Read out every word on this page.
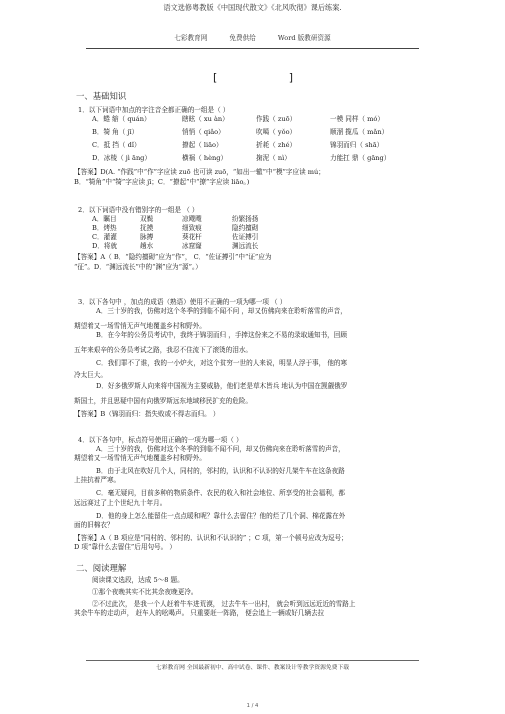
语文选修粤教版《中国现代散文》《北风吹彻》课后练案.
七彩教育网	免费供给	Word 版教研资源
[	]
一、基础知识
1．以下词语中加点的字注音全都正确的一组是（ ）
A．蜷 缩（ quán）	瞎眩（ xu àn）	作践（ zuō）	一模 同样（ mó）
B．犄 角（ jī）	悄悄（ qiǎo）	吹噶（ yǒo）	顺溜 揽瓜（ mǎn）
C．抵 挡（ dǐ）	撩起（ liāo）	折耗（ zhé）	锦羽而归（ shā）
D．冰棱（ jì āng）	横祸（ hèng）	掬泥（ nì）	力能扛 鼎（ gāng）
【答案】D(A. “作践”中“作”字应读 zuō 也可读 zuō，“如出一辙”中“模”字应读 mú；
B．“犄角”中“犄”字应读 jī；C．“撩起”中“撩”字应读 liāo。)
2．以下词语中没有错别字的一组是 （ ）
A．瞩目	双鬓	凉飕飕	纷繁扬扬
B．烤热	抚摸	细致痕	隐约擅砌
C．灌灌	脉搏	葵花杆	佐证搏引
D．将就	趟水	冰窟窿	渊远流长
【答案】A（ B．“隐约擅砌”应为“作”， C．“佐证搏引”中“证”应为
“征”。D．“渊远流长”中的“渊”应为“源”。）
3．以下各句中 ，加点的成语（熟语）使用不正确的一项为哪一项 （ ）
A．三十岁的我，仿佛对这个冬季的到临不闻不问 ，却又仿佛向来在聆听落雪的声音，
期望着又一场雪悄无声气地覆盖乡村和野外。
B．在今年的公务员考试中，我终于锦羽而归 ，手捧这份来之不易的录取通知书，回顾
五年来艰辛的公务员考试之路，我忍不住流下了滚烫的泪水。
C．我们罪不了谁，我的一小炉火，对这个贫穷一世的人来说，明显人浮于事， 他的寒
冷太巨大。
D．好多俄罗斯人向来将中国视为主要威胁，他们老是草木皆兵 地认为中国在觊觎俄罗
斯国土，并且思疑中国有向俄罗斯远东地域移民扩充的危险。
【答案】B（锦羽而归：指失败或不得志而归。 ）
4．以下各句中，标点符号使用正确的一项为哪一项（ ）
A．三十岁的我，仿佛对这个冬季的到临不闻不问，却又仿佛向来在聆听落雪的声音，
期望着又一场雪悄无声气地覆盖乡村和野外。
B．由于北风在吹好几个人，同村的，邻村的，认识和不认识的好几架牛车在这条夜路
上挂抗着严寒。
C．毫无疑问，目前多种的物质条件、农民的收入和社会地位、所享受的社会福利，都
远远赛过了上个世纪九十年月。
D．他的身上怎么能留住一点点暖和呢？靠什么去留住？他的烂了几个洞、棉花露在外
面的旧棉衣？
【答案】A（ B 项应是“同村的、邻村的、认识和不认识的” ；C 项，第一个顿号应改为逗号；
D 项“靠什么去留住”后用句号。 ）
二、阅读理解
阅读课文选段，达成 5～8 题。
①那个夜晚其实不比其余夜晚更冷。
②不过此次， 是我一个人赶着牛车进荒漠， 过去牛车一出村， 就会听到远远近近的雪路上
其余牛车的走动声， 赶车人的吆喝声。 只重要赶一阵路， 便会追上一辆或好几辆去拉
七彩教育网 全国最新初中、高中试卷、课件、教案设计等教学资源免费下载
1 / 4
